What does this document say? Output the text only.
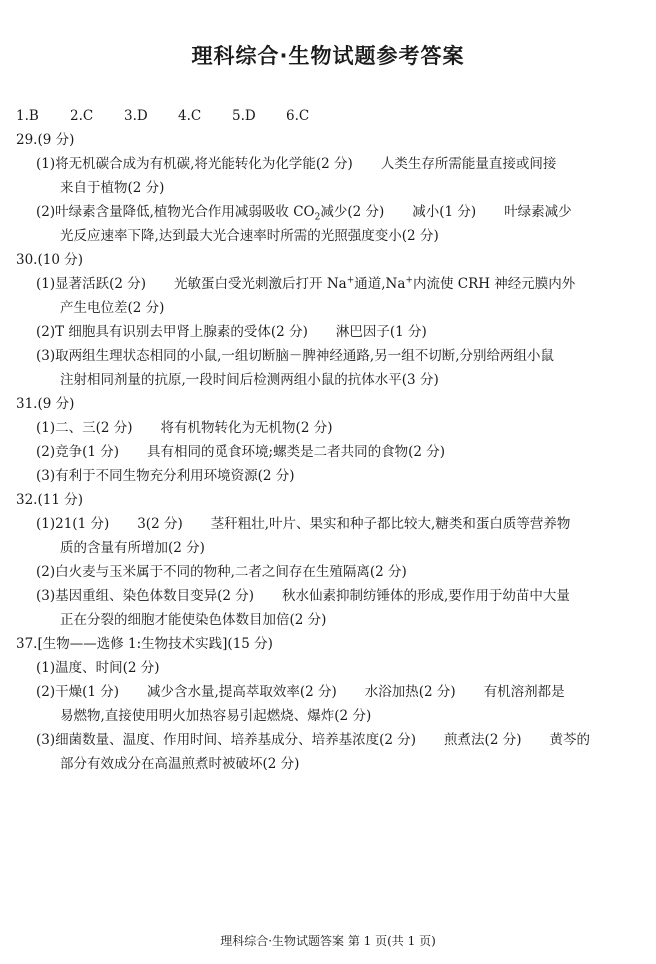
理科综合·生物试题参考答案
1.B	2.C	3.D	4.C	5.D	6.C
29.(9 分)
(1)将无机碳合成为有机碳,将光能转化为化学能(2 分) 人类生存所需能量直接或间接
来自于植物(2 分)
(2)叶绿素含量降低,植物光合作用减弱吸收 $CO_2$减少(2 分) 减小(1 分) 叶绿素减少
光反应速率下降,达到最大光合速率时所需的光照强度变小(2 分)
30.(10 分)
(1)显著活跃(2 分) 光敏蛋白受光刺激后打开 Na+通道,Na+内流使 CRH 神经元膜内外
产生电位差(2 分)
(2)T 细胞具有识别去甲肾上腺素的受体(2 分) 淋巴因子(1 分)
(3)取两组生理状态相同的小鼠,一组切断脑－脾神经通路,另一组不切断,分别给两组小鼠
注射相同剂量的抗原,一段时间后检测两组小鼠的抗体水平(3 分)
31.(9 分)
(1)二、三(2 分) 将有机物转化为无机物(2 分)
(2)竞争(1 分) 具有相同的觅食环境;螺类是二者共同的食物(2 分)
(3)有利于不同生物充分利用环境资源(2 分)
32.(11 分)
(1)21(1 分) 3(2 分) 茎秆粗壮,叶片、果实和种子都比较大,糖类和蛋白质等营养物
质的含量有所增加(2 分)
(2)白火麦与玉米属于不同的物种,二者之间存在生殖隔离(2 分)
(3)基因重组、染色体数目变异(2 分) 秋水仙素抑制纺锤体的形成,要作用于幼苗中大量
正在分裂的细胞才能使染色体数目加倍(2 分)
37.[生物——选修 1:生物技术实践](15 分)
(1)温度、时间(2 分)
(2)干燥(1 分) 减少含水量,提高萃取效率(2 分) 水浴加热(2 分) 有机溶剂都是
易燃物,直接使用明火加热容易引起燃烧、爆炸(2 分)
(3)细菌数量、温度、作用时间、培养基成分、培养基浓度(2 分) 煎煮法(2 分) 黄芩的
部分有效成分在高温煎煮时被破坏(2 分)
理科综合·生物试题答案 第 1 页(共 1 页)
